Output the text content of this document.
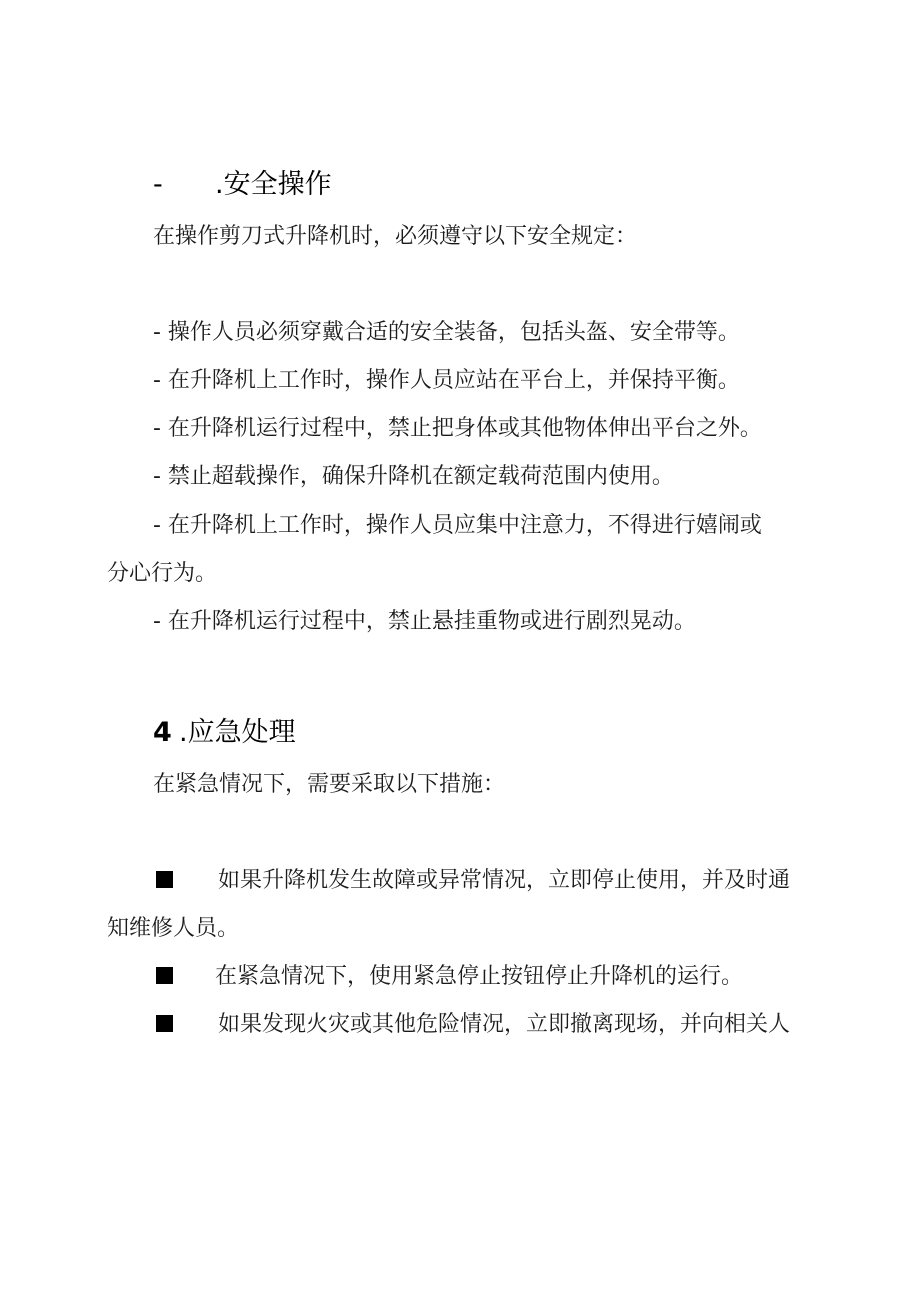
- .安全操作
在操作剪刀式升降机时，必须遵守以下安全规定：
- 操作人员必须穿戴合适的安全装备，包括头盔、安全带等。
- 在升降机上工作时，操作人员应站在平台上，并保持平衡。
- 在升降机运行过程中，禁止把身体或其他物体伸出平台之外。
- 禁止超载操作，确保升降机在额定载荷范围内使用。
- 在升降机上工作时，操作人员应集中注意力，不得进行嬉闹或
分心行为。
- 在升降机运行过程中，禁止悬挂重物或进行剧烈晃动。
4 .应急处理
在紧急情况下，需要采取以下措施：
如果升降机发生故障或异常情况，立即停止使用，并及时通
知维修人员。
在紧急情况下，使用紧急停止按钮停止升降机的运行。
如果发现火灾或其他危险情况，立即撤离现场，并向相关人
